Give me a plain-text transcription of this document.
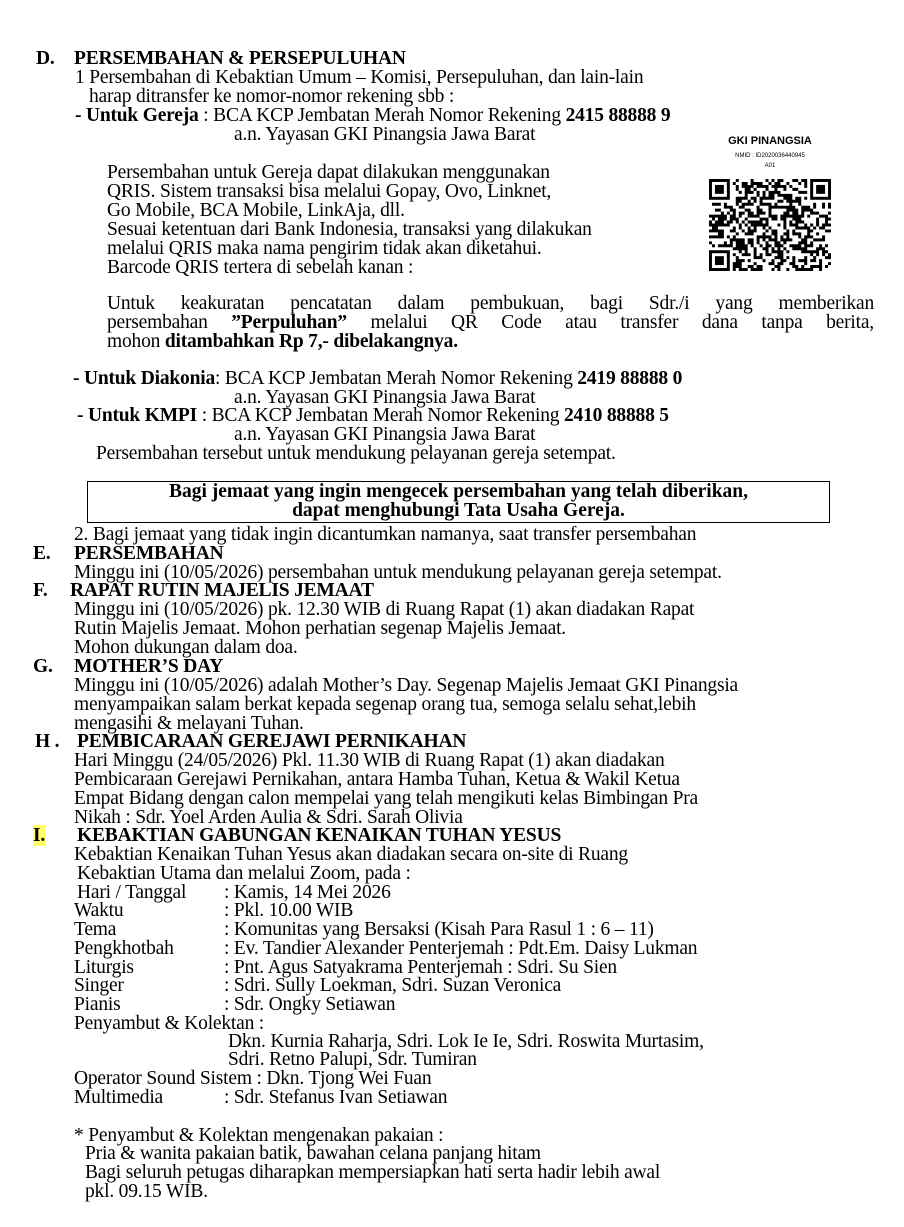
D. PERSEMBAHAN & PERSEPULUHAN
1 Persembahan di Kebaktian Umum – Komisi, Persepuluhan, dan lain-lain
harap ditransfer ke nomor-nomor rekening sbb :
- Untuk Gereja : BCA KCP Jembatan Merah Nomor Rekening 2415 88888 9
a.n. Yayasan GKI Pinangsia Jawa Barat
Persembahan untuk Gereja dapat dilakukan menggunakan
QRIS. Sistem transaksi bisa melalui Gopay, Ovo, Linknet,
Go Mobile, BCA Mobile, LinkAja, dll.
Sesuai ketentuan dari Bank Indonesia, transaksi yang dilakukan
melalui QRIS maka nama pengirim tidak akan diketahui.
Barcode QRIS tertera di sebelah kanan :
GKI PINANGSIA
NMID : ID2020036440945
A01
Untuk keakuratan pencatatan dalam pembukuan, bagi Sdr./i yang memberikan
persembahan ”Perpuluhan” melalui QR Code atau transfer dana tanpa berita,
mohon ditambahkan Rp 7,- dibelakangnya.
- Untuk Diakonia: BCA KCP Jembatan Merah Nomor Rekening 2419 88888 0
a.n. Yayasan GKI Pinangsia Jawa Barat
- Untuk KMPI : BCA KCP Jembatan Merah Nomor Rekening 2410 88888 5
a.n. Yayasan GKI Pinangsia Jawa Barat
Persembahan tersebut untuk mendukung pelayanan gereja setempat.
Bagi jemaat yang ingin mengecek persembahan yang telah diberikan,
dapat menghubungi Tata Usaha Gereja.
2. Bagi jemaat yang tidak ingin dicantumkan namanya, saat transfer persembahan
E. PERSEMBAHAN
Minggu ini (10/05/2026) persembahan untuk mendukung pelayanan gereja setempat.
F. RAPAT RUTIN MAJELIS JEMAAT
Minggu ini (10/05/2026) pk. 12.30 WIB di Ruang Rapat (1) akan diadakan Rapat
Rutin Majelis Jemaat. Mohon perhatian segenap Majelis Jemaat.
Mohon dukungan dalam doa.
G. MOTHER’S DAY
Minggu ini (10/05/2026) adalah Mother’s Day. Segenap Majelis Jemaat GKI Pinangsia
menyampaikan salam berkat kepada segenap orang tua, semoga selalu sehat,lebih
mengasihi & melayani Tuhan.
H . PEMBICARAAN GEREJAWI PERNIKAHAN
Hari Minggu (24/05/2026) Pkl. 11.30 WIB di Ruang Rapat (1) akan diadakan
Pembicaraan Gerejawi Pernikahan, antara Hamba Tuhan, Ketua & Wakil Ketua
Empat Bidang dengan calon mempelai yang telah mengikuti kelas Bimbingan Pra
Nikah : Sdr. Yoel Arden Aulia & Sdri. Sarah Olivia
I. KEBAKTIAN GABUNGAN KENAIKAN TUHAN YESUS
Kebaktian Kenaikan Tuhan Yesus akan diadakan secara on-site di Ruang
Kebaktian Utama dan melalui Zoom, pada :
Hari / Tanggal : Kamis, 14 Mei 2026
Waktu	: Pkl. 10.00 WIB
Tema	: Komunitas yang Bersaksi (Kisah Para Rasul 1 : 6 – 11)
Pengkhotbah	: Ev. Tandier Alexander Penterjemah : Pdt.Em. Daisy Lukman
Liturgis	: Pnt. Agus Satyakrama Penterjemah : Sdri. Su Sien
Singer	: Sdri. Sully Loekman, Sdri. Suzan Veronica
Pianis	: Sdr. Ongky Setiawan
Penyambut & Kolektan :
Dkn. Kurnia Raharja, Sdri. Lok Ie Ie, Sdri. Roswita Murtasim,
Sdri. Retno Palupi, Sdr. Tumiran
Operator Sound Sistem : Dkn. Tjong Wei Fuan
Multimedia	: Sdr. Stefanus Ivan Setiawan
* Penyambut & Kolektan mengenakan pakaian :
Pria & wanita pakaian batik, bawahan celana panjang hitam
Bagi seluruh petugas diharapkan mempersiapkan hati serta hadir lebih awal
pkl. 09.15 WIB.
